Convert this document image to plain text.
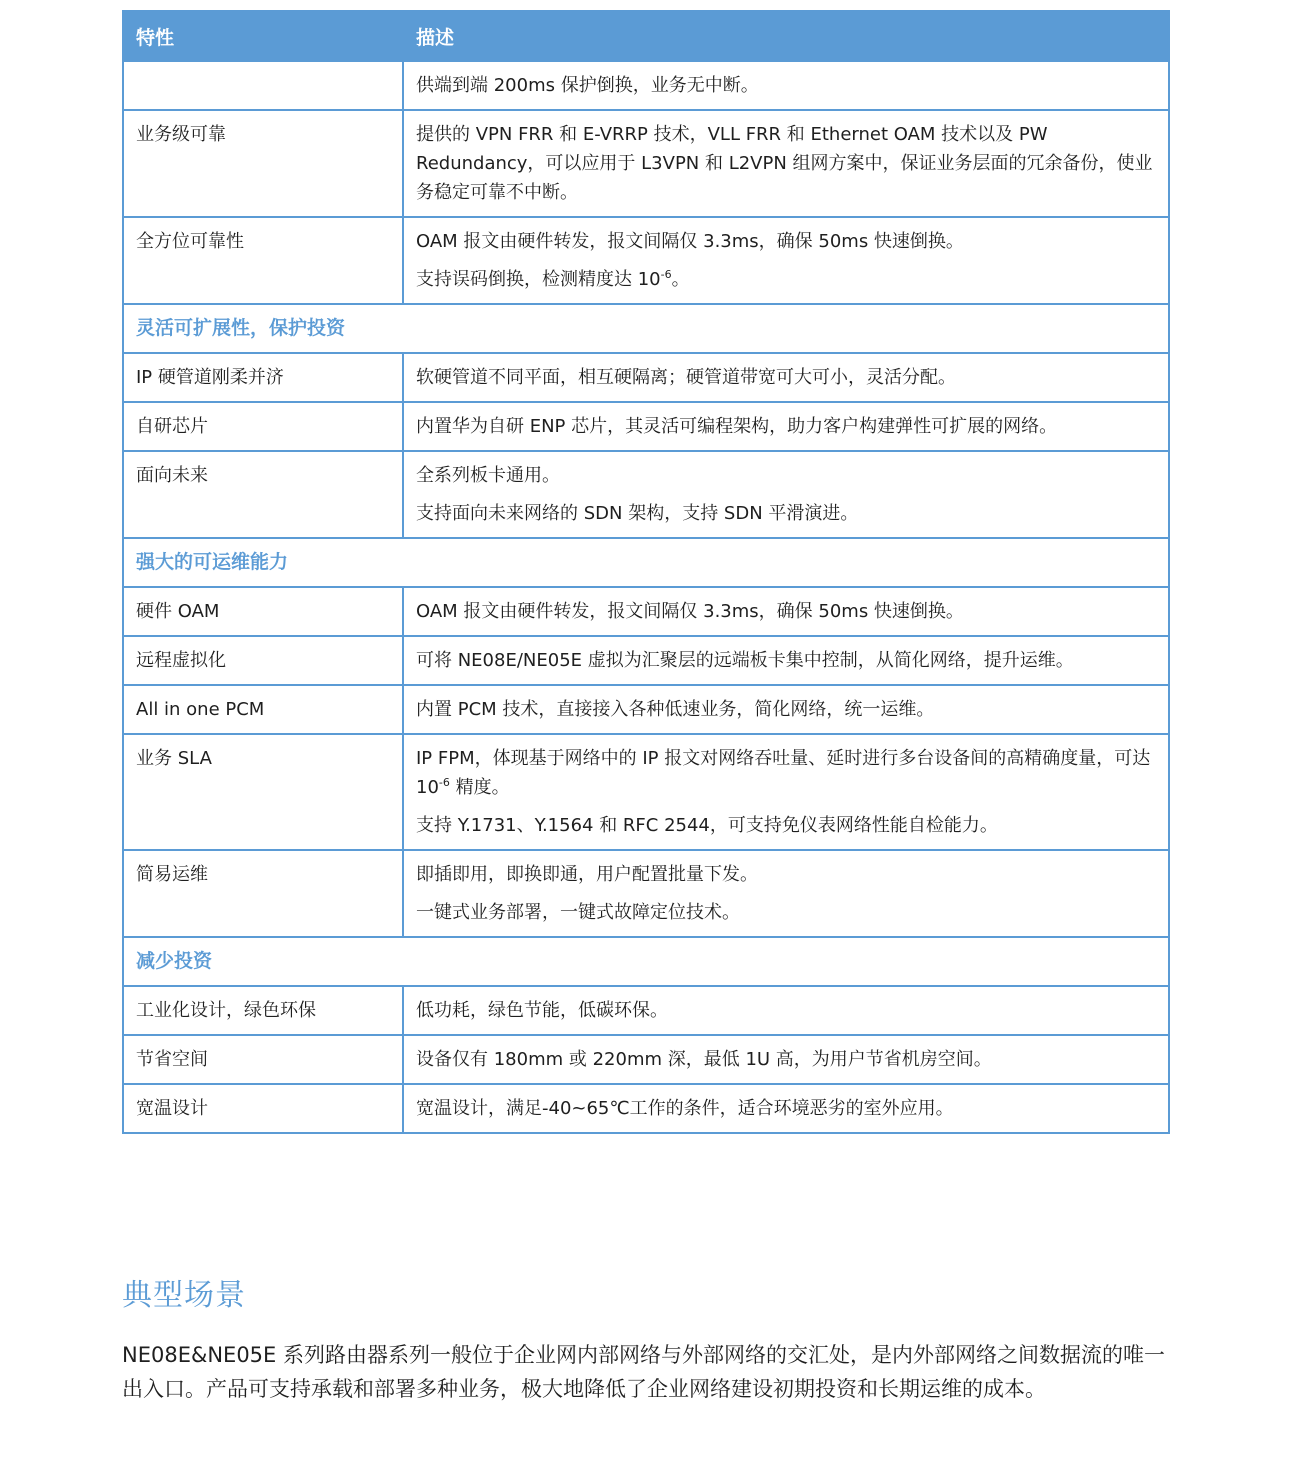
特性	描述

	供端到端 200ms 保护倒换，业务无中断。

业务级可靠	提供的 VPN FRR 和 E-VRRP 技术，VLL FRR 和 Ethernet OAM 技术以及 PW Redundancy，可以应用于 L3VPN 和 L2VPN 组网方案中，保证业务层面的冗余备份，使业务稳定可靠不中断。

全方位可靠性	OAM 报文由硬件转发，报文间隔仅 3.3ms，确保 50ms 快速倒换。

支持误码倒换，检测精度达 $10^{-6}$。

灵活可扩展性，保护投资	
IP 硬管道刚柔并济	软硬管道不同平面，相互硬隔离；硬管道带宽可大可小，灵活分配。

自研芯片	内置华为自研 ENP 芯片，其灵活可编程架构，助力客户构建弹性可扩展的网络。

面向未来	全系列板卡通用。

支持面向未来网络的 SDN 架构，支持 SDN 平滑演进。

强大的可运维能力	
硬件 OAM	OAM 报文由硬件转发，报文间隔仅 3.3ms，确保 50ms 快速倒换。

远程虚拟化	可将 NE08E/NE05E 虚拟为汇聚层的远端板卡集中控制，从简化网络，提升运维。

All in one PCM	内置 PCM 技术，直接接入各种低速业务，简化网络，统一运维。

业务 SLA	IP FPM，体现基于网络中的 IP 报文对网络吞吐量、延时进行多台设备间的高精确度量，可达 $10^{-6}$ 精度。

支持 Y.1731、Y.1564 和 RFC 2544，可支持免仪表网络性能自检能力。

简易运维	即插即用，即换即通，用户配置批量下发。

一键式业务部署，一键式故障定位技术。

减少投资	
工业化设计，绿色环保	低功耗，绿色节能，低碳环保。

节省空间	设备仅有 180mm 或 220mm 深，最低 1U 高，为用户节省机房空间。

宽温设计	宽温设计，满足-40~65℃工作的条件，适合环境恶劣的室外应用。

典型场景

NE08E&NE05E 系列路由器系列一般位于企业网内部网络与外部网络的交汇处，是内外部网络之间数据流的唯一出入口。产品可支持承载和部署多种业务，极大地降低了企业网络建设初期投资和长期运维的成本。
